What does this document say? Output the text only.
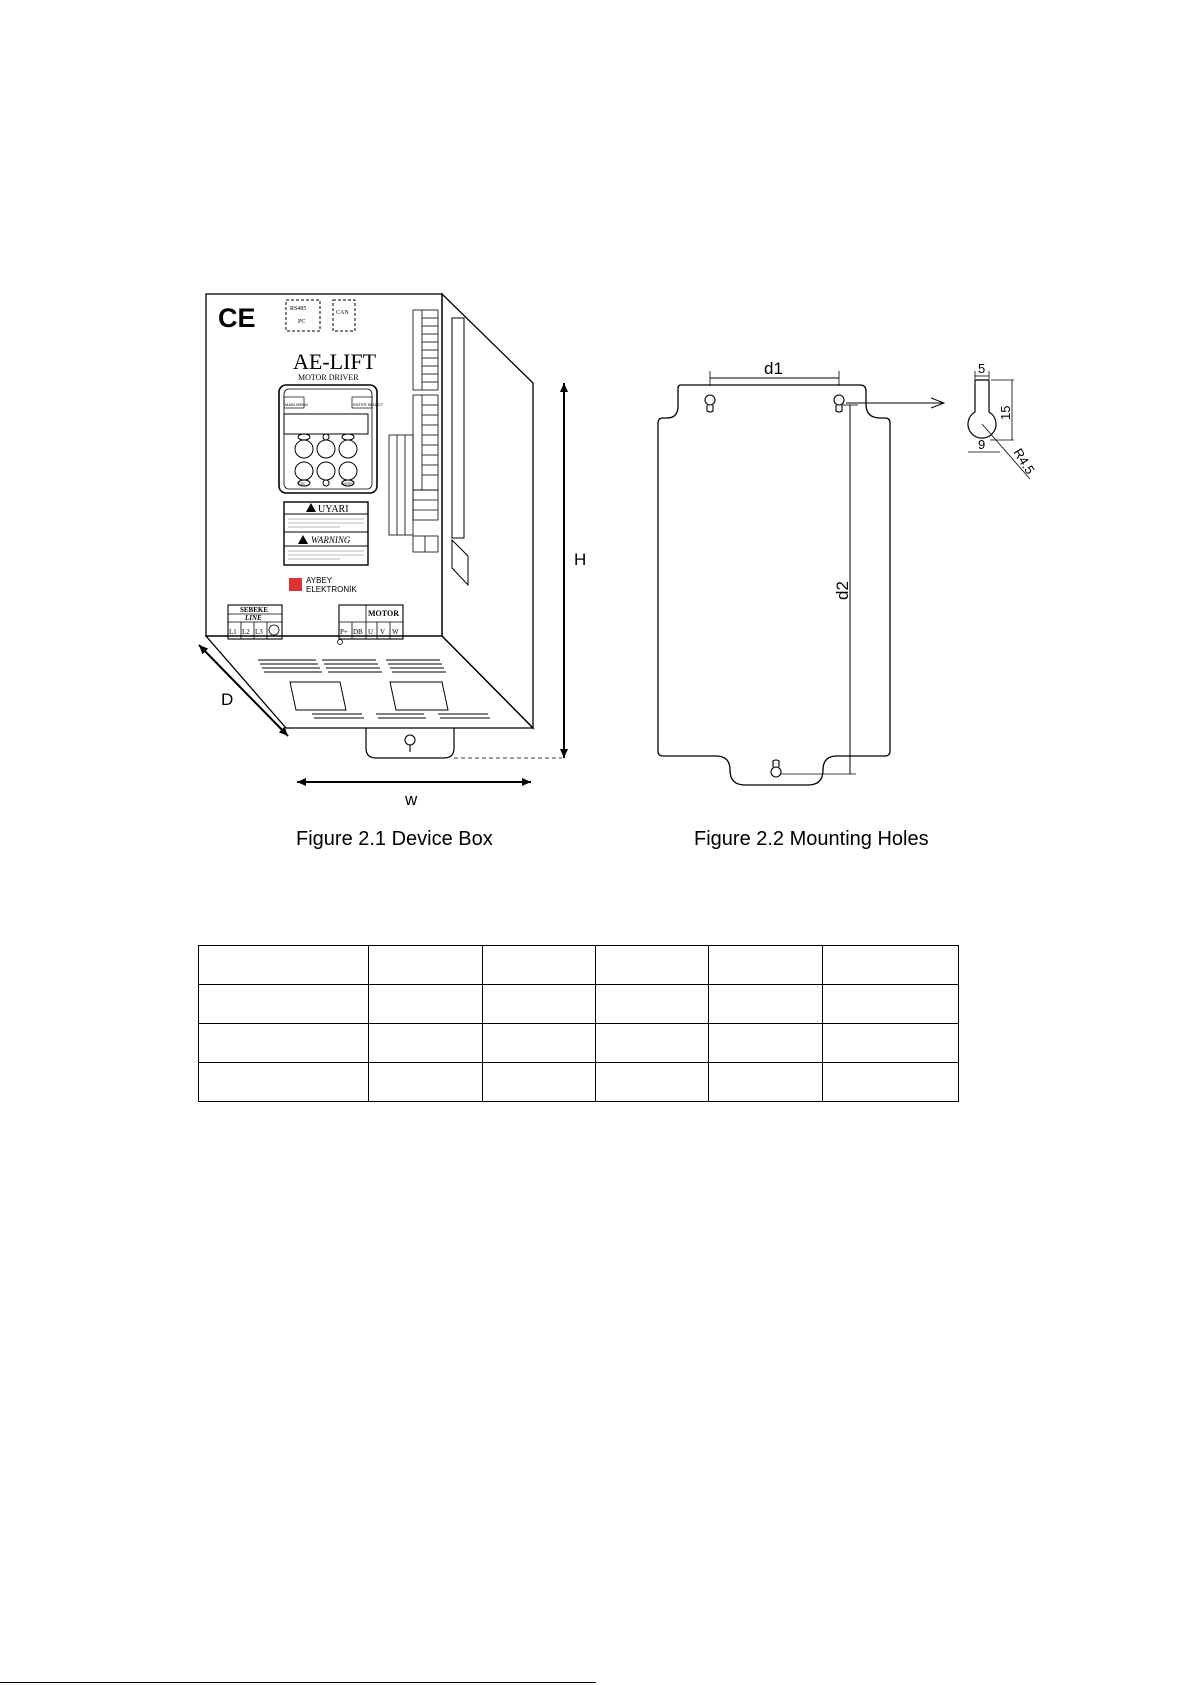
CE	RS485
PC
CAN
AE-LIFT
MOTOR DRIVER
MAIN MENU	ENTER SELECT
ESC	ENTER
UYARI
WARNING
AYBEY
ELEKTRONİK
SEBEKE
LINE
L1 L2 L3
MOTOR
P+ DB U V W
H
D
w
d1
d2
5
15
9
R4.5
Figure 2.1 Device Box	Figure 2.2 Mounting Holes
